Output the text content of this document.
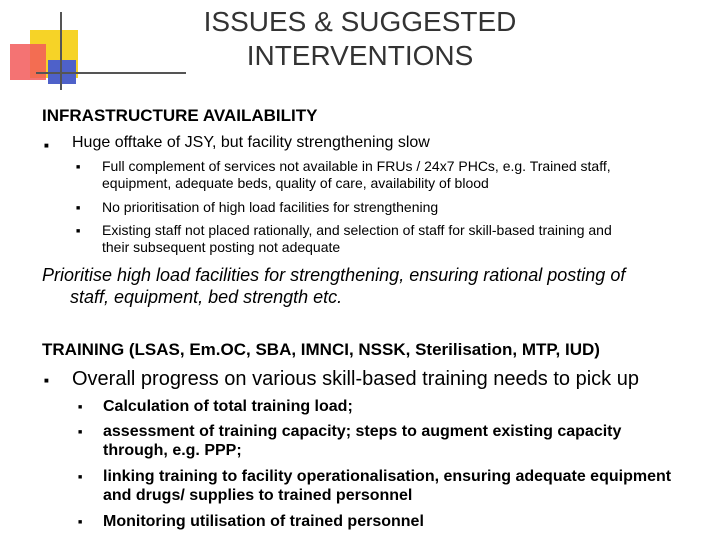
ISSUES & SUGGESTED
INTERVENTIONS
INFRASTRUCTURE AVAILABILITY
■ Huge offtake of JSY, but facility strengthening slow
■ Full complement of services not available in FRUs / 24x7 PHCs, e.g. Trained staff,
equipment, adequate beds, quality of care, availability of blood
■ No prioritisation of high load facilities for strengthening
■ Existing staff not placed rationally, and selection of staff for skill-based training and
their subsequent posting not adequate
Prioritise high load facilities for strengthening, ensuring rational posting of
staff, equipment, bed strength etc.
TRAINING (LSAS, Em.OC, SBA, IMNCI, NSSK, Sterilisation, MTP, IUD)
■ Overall progress on various skill-based training needs to pick up
■ Calculation of total training load;
■ assessment of training capacity; steps to augment existing capacity
through, e.g. PPP;
■ linking training to facility operationalisation, ensuring adequate equipment
and drugs/ supplies to trained personnel
■ Monitoring utilisation of trained personnel
